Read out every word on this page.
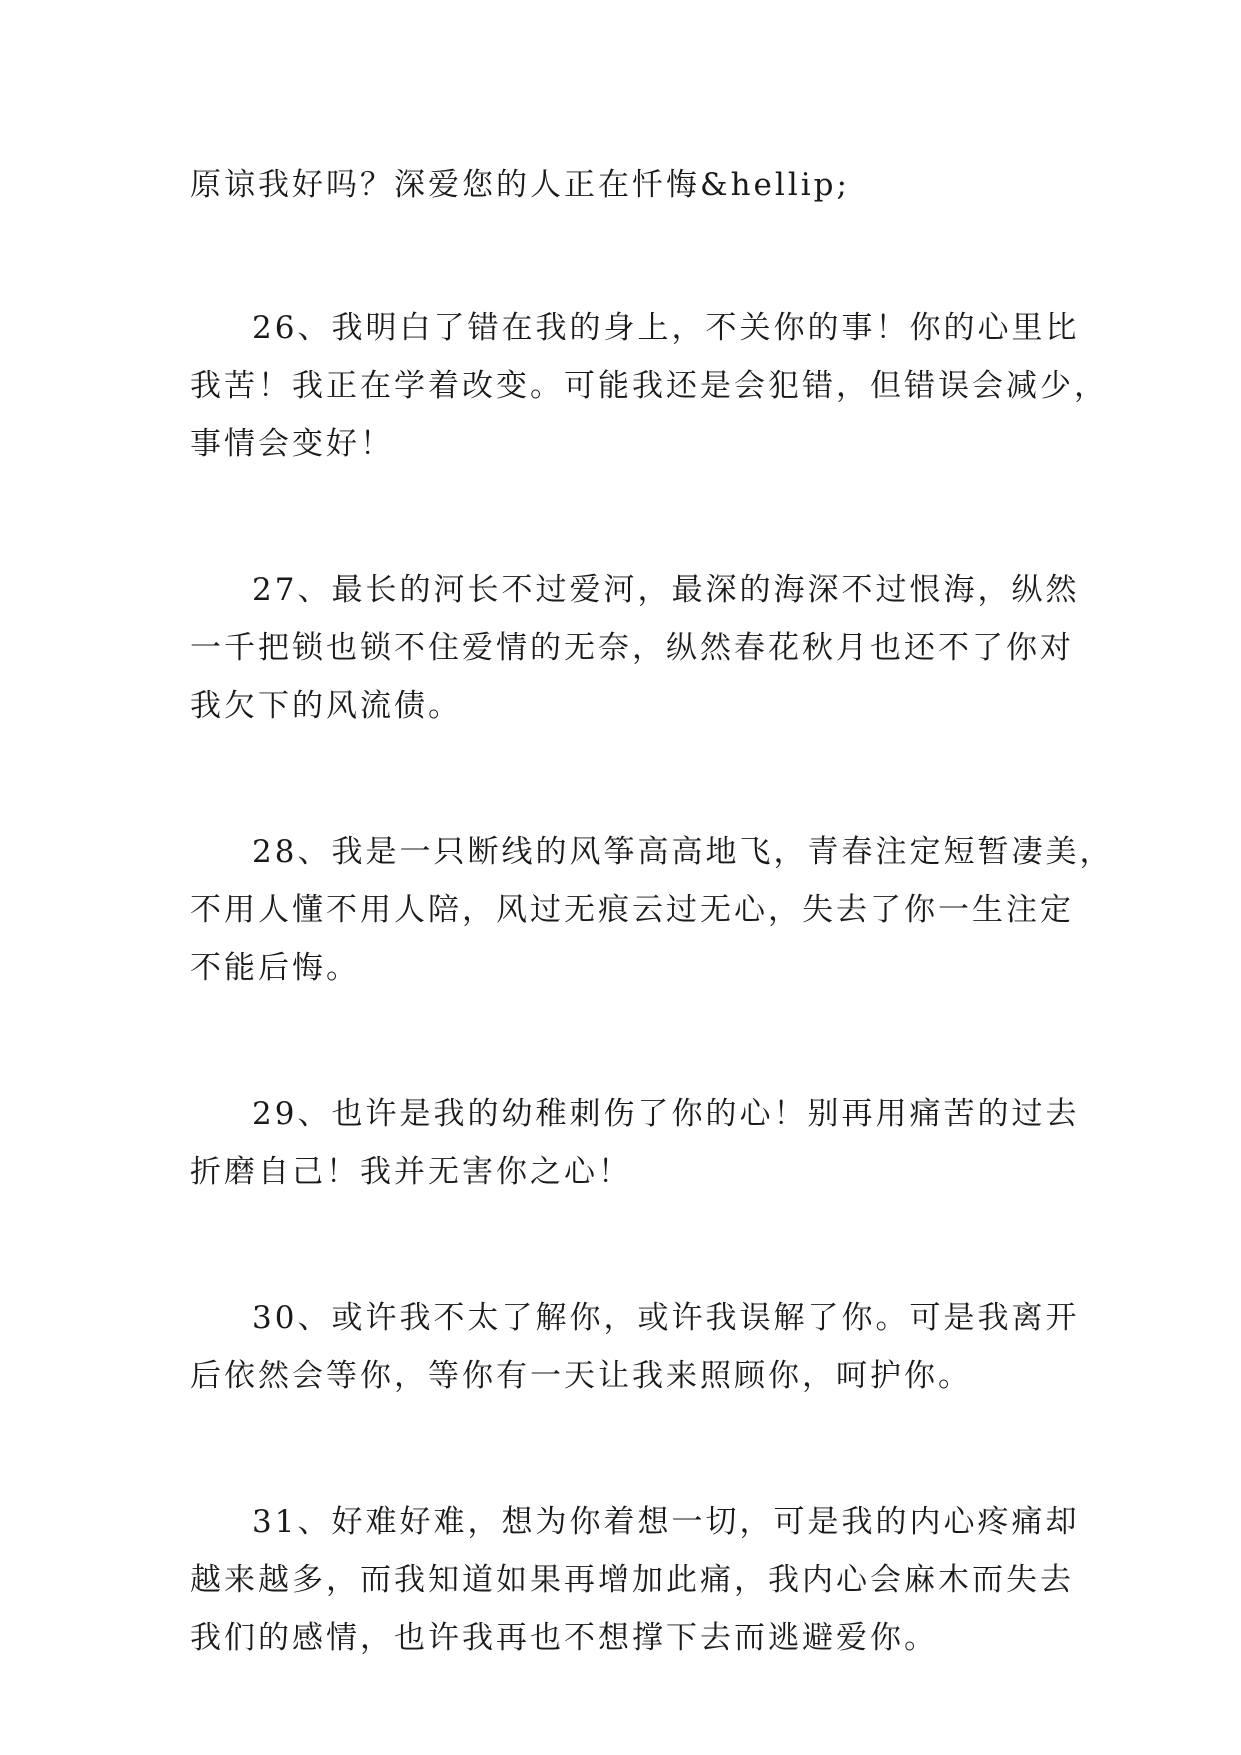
原谅我好吗？深爱您的人正在忏悔&hellip;

26、我明白了错在我的身上，不关你的事！你的心里比
我苦！我正在学着改变。可能我还是会犯错，但错误会减少，
事情会变好！

27、最长的河长不过爱河，最深的海深不过恨海，纵然
一千把锁也锁不住爱情的无奈，纵然春花秋月也还不了你对
我欠下的风流债。

28、我是一只断线的风筝高高地飞，青春注定短暂凄美，
不用人懂不用人陪，风过无痕云过无心，失去了你一生注定
不能后悔。

29、也许是我的幼稚刺伤了你的心！别再用痛苦的过去
折磨自己！我并无害你之心！

30、或许我不太了解你，或许我误解了你。可是我离开
后依然会等你，等你有一天让我来照顾你，呵护你。

31、好难好难，想为你着想一切，可是我的内心疼痛却
越来越多，而我知道如果再增加此痛，我内心会麻木而失去
我们的感情，也许我再也不想撑下去而逃避爱你。
